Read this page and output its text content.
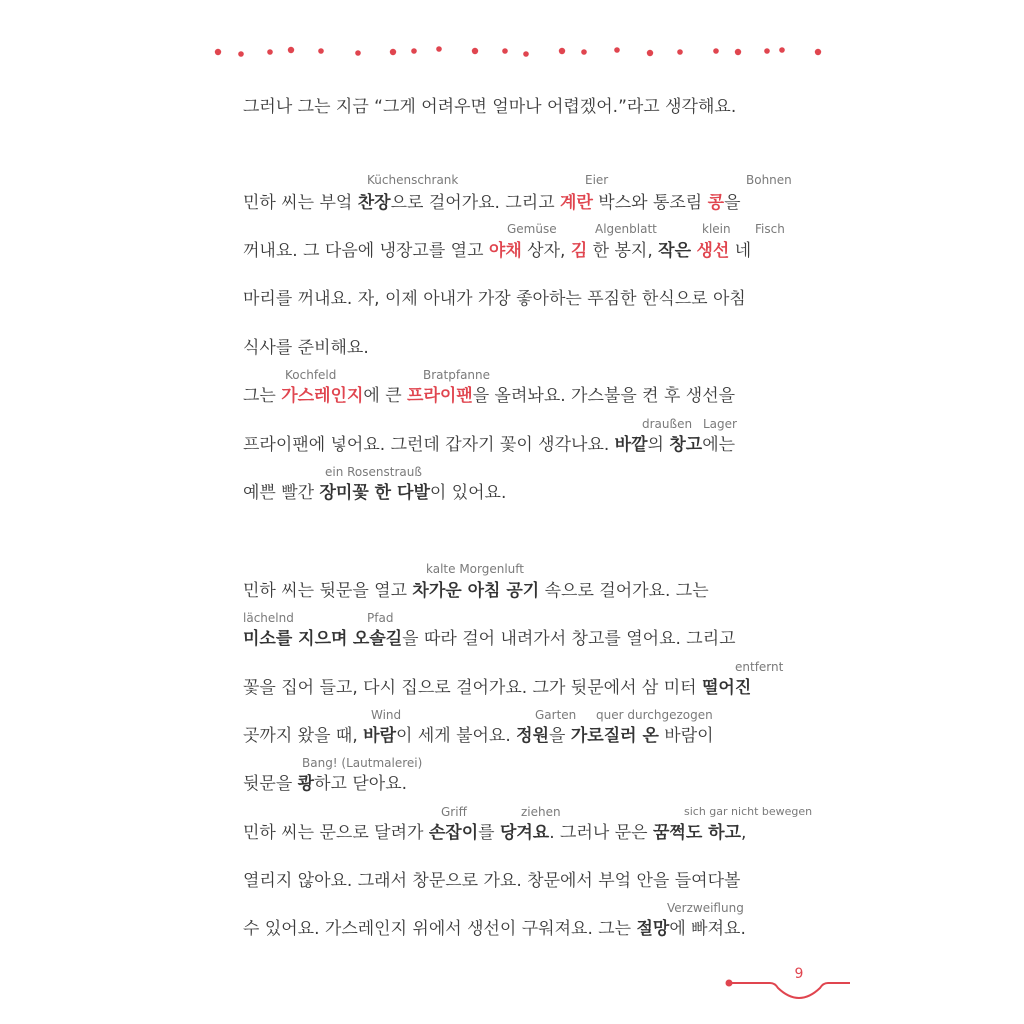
그러나 그는 지금 “그게 어려우면 얼마나 어렵겠어.”라고 생각해요.
Küchenschrank	Eier	Bohnen
민하 씨는 부엌 찬장으로 걸어가요. 그리고 계란 박스와 통조림 콩을
Gemüse	Algenblatt	klein Fisch
꺼내요. 그 다음에 냉장고를 열고 야채 상자, 김 한 봉지, 작은 생선 네
마리를 꺼내요. 자, 이제 아내가 가장 좋아하는 푸짐한 한식으로 아침
식사를 준비해요.
Kochfeld	Bratpfanne
그는 가스레인지에 큰 프라이팬을 올려놔요. 가스불을 켠 후 생선을
draußen Lager
프라이팬에 넣어요. 그런데 갑자기 꽃이 생각나요. 바깥의 창고에는
ein Rosenstrauß
예쁜 빨간 장미꽃 한 다발이 있어요.
kalte Morgenluft
민하 씨는 뒷문을 열고 차가운 아침 공기 속으로 걸어가요. 그는
lächelnd	Pfad
미소를 지으며 오솔길을 따라 걸어 내려가서 창고를 열어요. 그리고
entfernt
꽃을 집어 들고, 다시 집으로 걸어가요. 그가 뒷문에서 삼 미터 떨어진
Wind	Garten quer durchgezogen
곳까지 왔을 때, 바람이 세게 불어요. 정원을 가로질러 온 바람이
Bang! (Lautmalerei)
뒷문을 쾅하고 닫아요.
Griff	ziehen	sich gar nicht bewegen
민하 씨는 문으로 달려가 손잡이를 당겨요. 그러나 문은 꿈쩍도 하고,
열리지 않아요. 그래서 창문으로 가요. 창문에서 부엌 안을 들여다볼
Verzweiflung
수 있어요. 가스레인지 위에서 생선이 구워져요. 그는 절망에 빠져요.
9
